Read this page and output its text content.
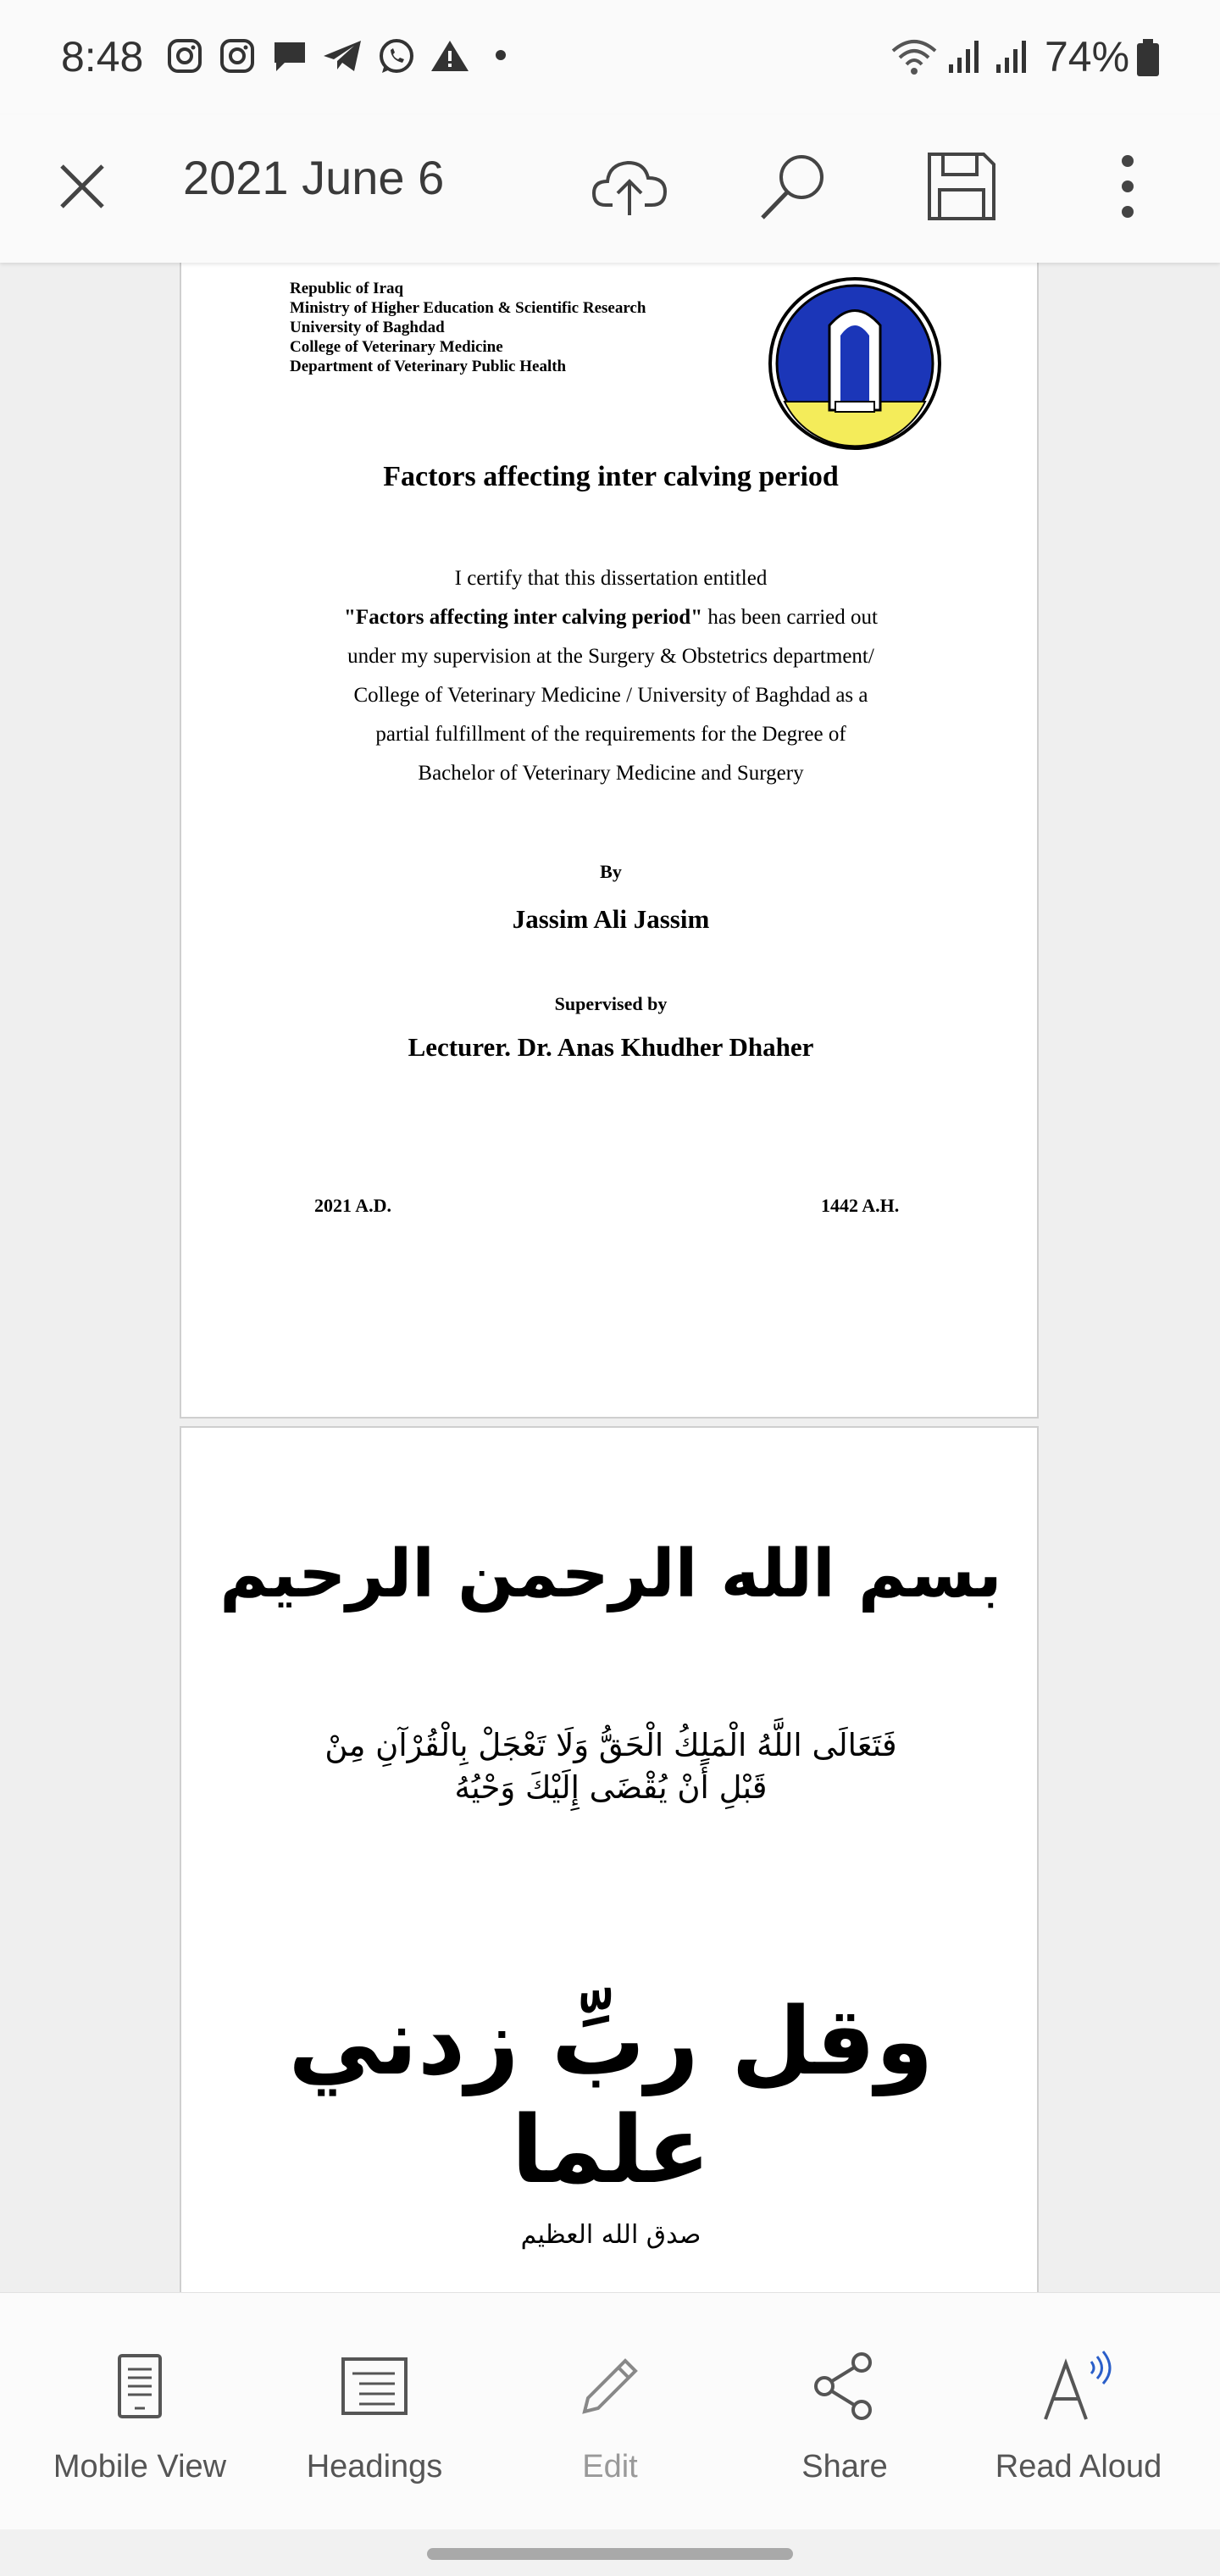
8:48	74%
2021 June 6
Republic of Iraq
Ministry of Higher Education & Scientific Research
University of Baghdad
College of Veterinary Medicine
Department of Veterinary Public Health
Factors affecting inter calving period
I certify that this dissertation entitled
"Factors affecting inter calving period" has been carried out
under my supervision at the Surgery & Obstetrics department/
College of Veterinary Medicine / University of Baghdad as a
partial fulfillment of the requirements for the Degree of
Bachelor of Veterinary Medicine and Surgery
By
Jassim Ali Jassim
Supervised by
Lecturer. Dr. Anas Khudher Dhaher
2021 A.D.	1442 A.H.
بسم الله الرحمن الرحيم
فَتَعَالَى اللَّهُ الْمَلِكُ الْحَقُّ وَلَا تَعْجَلْ بِالْقُرْآنِ مِنْ قَبْلِ أَنْ يُقْضَى إِلَيْكَ وَحْيُهُ
وقل ربِّ زدني علما
صدق الله العظيم
Mobile View	Headings	Edit	Share	Read Aloud
